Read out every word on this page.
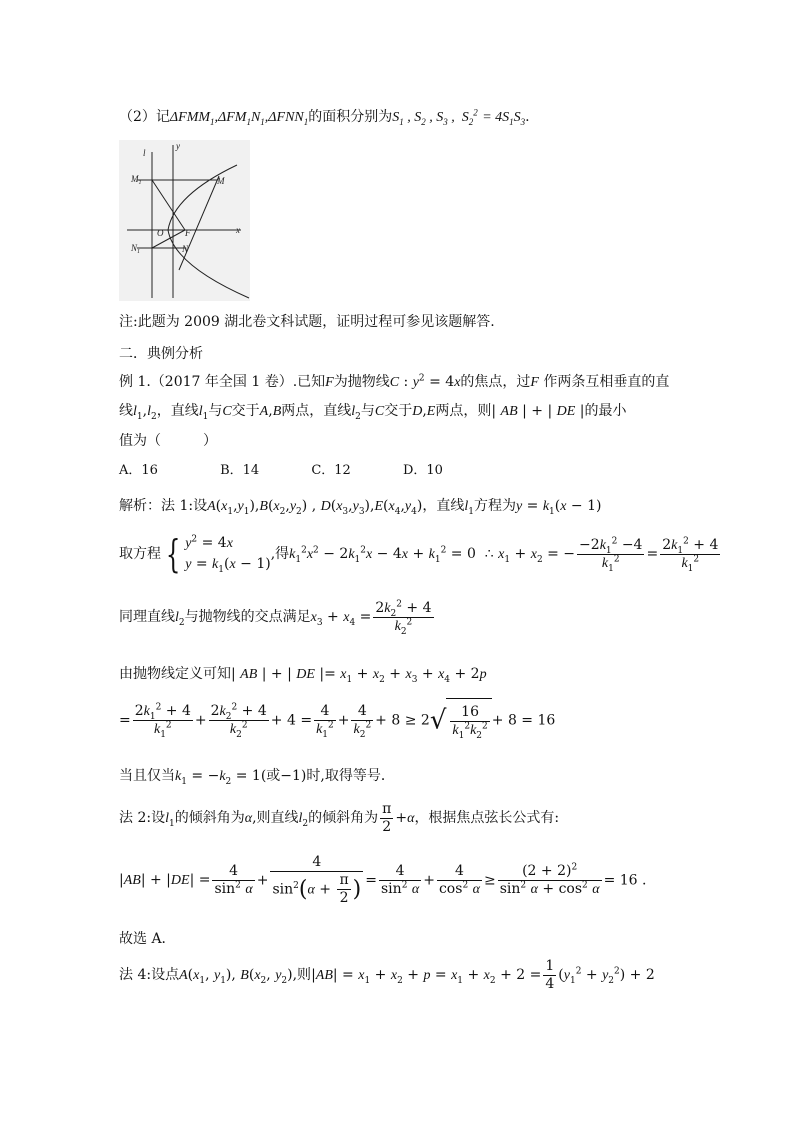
（2）记$\Delta FMM_1,\Delta FM_1N_1,\Delta FNN_1$的面积分别为$S_1$ , $S_2$ , $S_3$ ,  $S_2^2 = 4S_1S_3$.
l
y
x
$M_1$	M
O F
$N_1$	N
注:此题为 2009 湖北卷文科试题，证明过程可参见该题解答.
二．典例分析
例 1.（2017 年全国 1 卷）.已知F为抛物线C : $y^2 = 4x$的焦点，过F 作两条互相垂直的直
线$l_1,l_2$，直线$l_1$与C交于A,B两点，直线$l_2$与C交于D,E两点，则| AB | + | DE |的最小
值为（　　　）
A．16	B．14	C．12	D．10
解析：法 1:设$A(x_1,y_1),B(x_2,y_2)$ , $D(x_3,y_3),E(x_4,y_4)$，直线$l_1$方程为$y = k_1(x - 1)$
取方程 { $y^2 = 4x$
$y = k_1(x - 1)$,得$k_1^2x^2 - 2k_1^2x - 4x + k_1^2 = 0$  ∴ $x_1 + x_2$ = − $\frac{-2k_1^2 -4}{k_1^2} = \frac{2k_1^2 + 4}{k_1^2}$
同理直线$l_2$与抛物线的交点满足$x_3 + x_4 = \frac{2k_2^2 + 4}{k_2^2}$
由抛物线定义可知| AB | + | DE |= $x_1 + x_2 + x_3 + x_4 + 2p$
= $\frac{2k_1^2 + 4}{k_1^2} + \frac{2k_2^2 + 4}{k_2^2} + 4 = \frac{4}{k_1^2} + \frac{4}{k_2^2} + 8 \ge 2√ \frac{16}{k_1^2k_2^2} + 8 = 16$
当且仅当$k_1 = -k_2 = 1$(或−1)时,取得等号．
法 2:设$l_1$的倾斜角为α,则直线$l_2$的倾斜角为 $\frac{\pi}{2} +\alpha$，根据焦点弦长公式有:
$|AB| + |DE| = \frac{4}{\sin^2 \alpha} + \frac{4}{\sin^2(\alpha + \frac{\pi}{2} )} = \frac{4}{\sin^2 \alpha} + \frac{4}{\cos^2 \alpha} \ge \frac{(2 + 2)^2}{\sin^2 \alpha + \cos^2 \alpha} = 16$ .
故选 A．
法 4:设点$A(x_1$, $y_1$), $B(x_2$, $y_2$),则$|AB| = x_1 + x_2 + p = x_1 + x_2 + 2 = \frac{1}{4} (y_1^2 + y_2^2) + 2$
